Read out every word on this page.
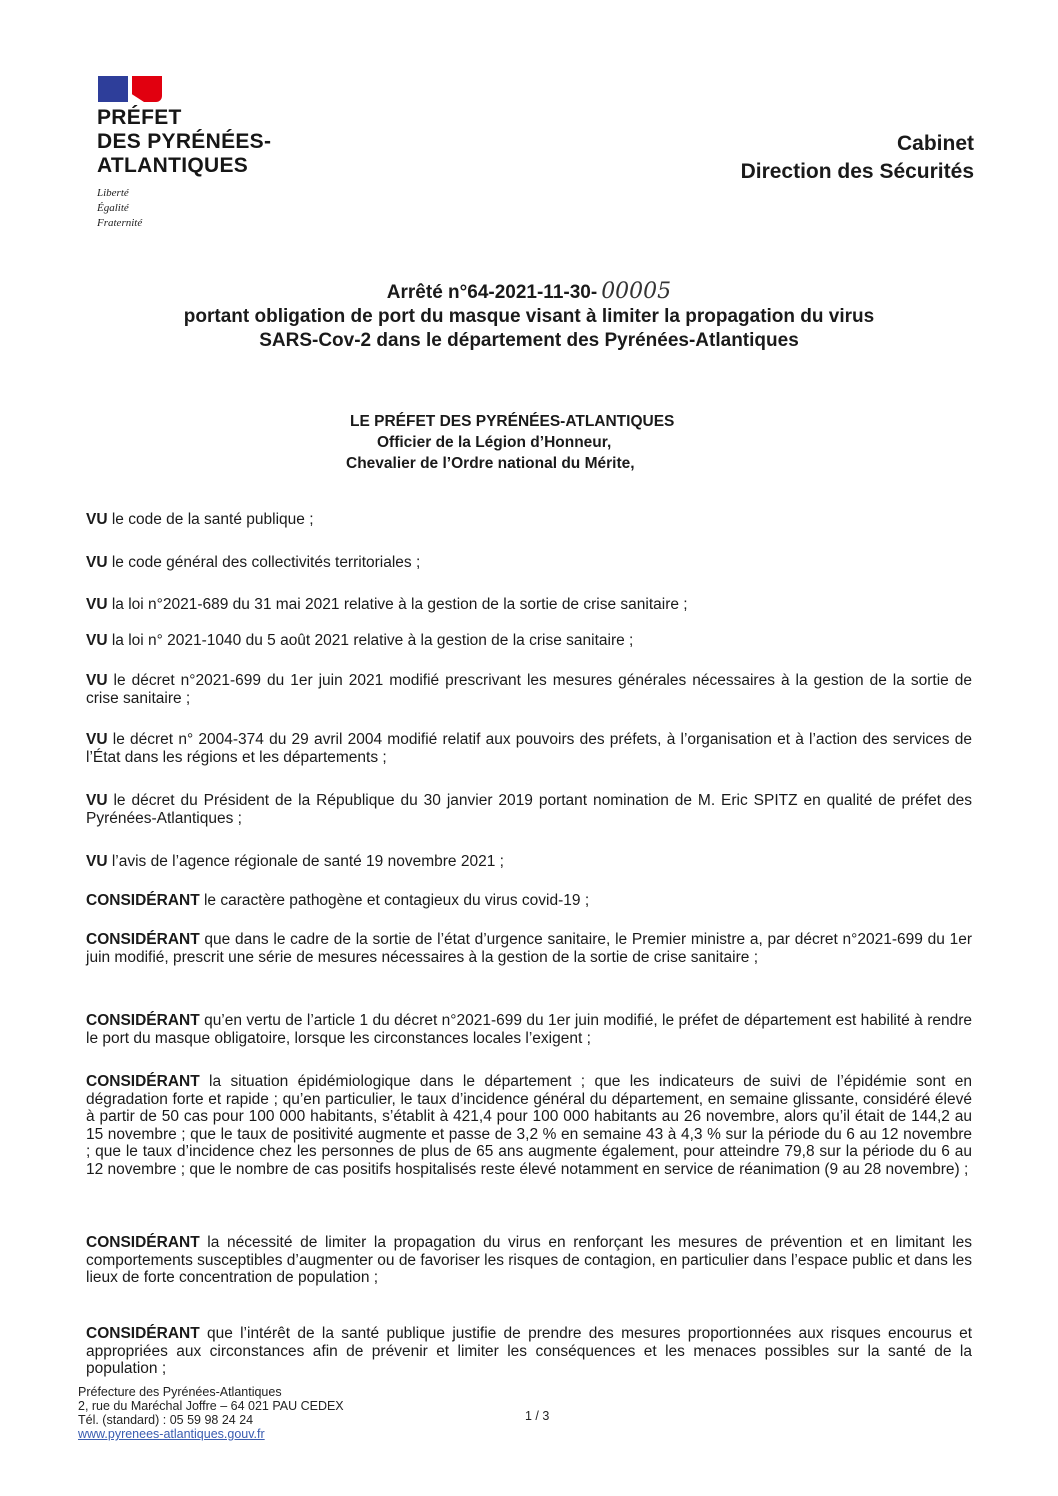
PRÉFET
DES PYRÉNÉES-
ATLANTIQUES
Liberté
Égalité
Fraternité
Cabinet
Direction des Sécurités
Arrêté n°64-2021-11-30- 00005
portant obligation de port du masque visant à limiter la propagation du virus
SARS-Cov-2 dans le département des Pyrénées-Atlantiques
LE PRÉFET DES PYRÉNÉES-ATLANTIQUES
Officier de la Légion d’Honneur,
Chevalier de l’Ordre national du Mérite,
VU le code de la santé publique ;
VU le code général des collectivités territoriales ;
VU la loi n°2021-689 du 31 mai 2021 relative à la gestion de la sortie de crise sanitaire ;
VU la loi n° 2021-1040 du 5 août 2021 relative à la gestion de la crise sanitaire ;
VU le décret n°2021-699 du 1er juin 2021 modifié prescrivant les mesures générales nécessaires à la gestion de la sortie de crise sanitaire ;
VU le décret n° 2004-374 du 29 avril 2004 modifié relatif aux pouvoirs des préfets, à l’organisation et à l’action des services de l’État dans les régions et les départements ;
VU le décret du Président de la République du 30 janvier 2019 portant nomination de M. Eric SPITZ en qualité de préfet des Pyrénées-Atlantiques ;
VU l’avis de l’agence régionale de santé 19 novembre 2021 ;
CONSIDÉRANT le caractère pathogène et contagieux du virus covid-19 ;
CONSIDÉRANT que dans le cadre de la sortie de l’état d’urgence sanitaire, le Premier ministre a, par décret n°2021-699 du 1er juin modifié, prescrit une série de mesures nécessaires à la gestion de la sortie de crise sanitaire ;
CONSIDÉRANT qu’en vertu de l’article 1 du décret n°2021-699 du 1er juin modifié, le préfet de département est habilité à rendre le port du masque obligatoire, lorsque les circonstances locales l’exigent ;
CONSIDÉRANT la situation épidémiologique dans le département ; que les indicateurs de suivi de l’épidémie sont en dégradation forte et rapide ; qu’en particulier, le taux d’incidence général du département, en semaine glissante, considéré élevé à partir de 50 cas pour 100 000 habitants, s’établit à 421,4 pour 100 000 habitants au 26 novembre, alors qu’il était de 144,2 au 15 novembre ; que le taux de positivité augmente et passe de 3,2 % en semaine 43 à 4,3 % sur la période du 6 au 12 novembre ; que le taux d’incidence chez les personnes de plus de 65 ans augmente également, pour atteindre 79,8 sur la période du 6 au 12 novembre ; que le nombre de cas positifs hospitalisés reste élevé notamment en service de réanimation (9 au 28 novembre) ;
CONSIDÉRANT la nécessité de limiter la propagation du virus en renforçant les mesures de prévention et en limitant les comportements susceptibles d’augmenter ou de favoriser les risques de contagion, en particulier dans l’espace public et dans les lieux de forte concentration de population ;
CONSIDÉRANT que l’intérêt de la santé publique justifie de prendre des mesures proportionnées aux risques encourus et appropriées aux circonstances afin de prévenir et limiter les conséquences et les menaces possibles sur la santé de la population ;
Préfecture des Pyrénées-Atlantiques
2, rue du Maréchal Joffre – 64 021 PAU CEDEX
Tél. (standard) : 05 59 98 24 24
www.pyrenees-atlantiques.gouv.fr
1 / 3
